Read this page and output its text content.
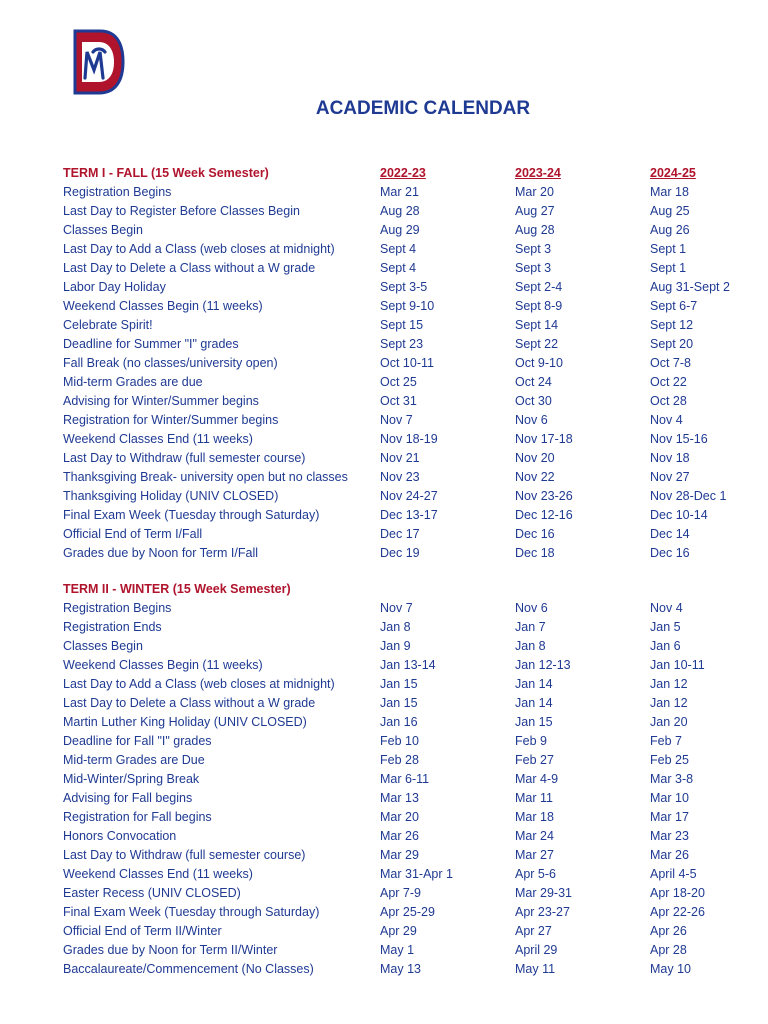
ACADEMIC CALENDAR
TERM I - FALL (15 Week Semester)	2022-23	2023-24	2024-25
Registration Begins	Mar 21	Mar 20	Mar 18
Last Day to Register Before Classes Begin	Aug 28	Aug 27	Aug 25
Classes Begin	Aug 29	Aug 28	Aug 26
Last Day to Add a Class (web closes at midnight)	Sept 4	Sept 3	Sept 1
Last Day to Delete a Class without a W grade	Sept 4	Sept 3	Sept 1
Labor Day Holiday	Sept 3-5	Sept 2-4	Aug 31-Sept 2
Weekend Classes Begin (11 weeks)	Sept 9-10	Sept 8-9	Sept 6-7
Celebrate Spirit!	Sept 15	Sept 14	Sept 12
Deadline for Summer "I" grades	Sept 23	Sept 22	Sept 20
Fall Break (no classes/university open)	Oct 10-11	Oct 9-10	Oct 7-8
Mid-term Grades are due	Oct 25	Oct 24	Oct 22
Advising for Winter/Summer begins	Oct 31	Oct 30	Oct 28
Registration for Winter/Summer begins	Nov 7	Nov 6	Nov 4
Weekend Classes End (11 weeks)	Nov 18-19	Nov 17-18	Nov 15-16
Last Day to Withdraw (full semester course)	Nov 21	Nov 20	Nov 18
Thanksgiving Break- university open but no classes	Nov 23	Nov 22	Nov 27
Thanksgiving Holiday (UNIV CLOSED)	Nov 24-27	Nov 23-26	Nov 28-Dec 1
Final Exam Week (Tuesday through Saturday)	Dec 13-17	Dec 12-16	Dec 10-14
Official End of Term I/Fall	Dec 17	Dec 16	Dec 14
Grades due by Noon for Term I/Fall	Dec 19	Dec 18	Dec 16
TERM II - WINTER (15 Week Semester)
Registration Begins	Nov 7	Nov 6	Nov 4
Registration Ends	Jan 8	Jan 7	Jan 5
Classes Begin	Jan 9	Jan 8	Jan 6
Weekend Classes Begin (11 weeks)	Jan 13-14	Jan 12-13	Jan 10-11
Last Day to Add a Class (web closes at midnight)	Jan 15	Jan 14	Jan 12
Last Day to Delete a Class without a W grade	Jan 15	Jan 14	Jan 12
Martin Luther King Holiday (UNIV CLOSED)	Jan 16	Jan 15	Jan 20
Deadline for Fall "I" grades	Feb 10	Feb 9	Feb 7
Mid-term Grades are Due	Feb 28	Feb 27	Feb 25
Mid-Winter/Spring Break	Mar 6-11	Mar 4-9	Mar 3-8
Advising for Fall begins	Mar 13	Mar 11	Mar 10
Registration for Fall begins	Mar 20	Mar 18	Mar 17
Honors Convocation	Mar 26	Mar 24	Mar 23
Last Day to Withdraw (full semester course)	Mar 29	Mar 27	Mar 26
Weekend Classes End (11 weeks)	Mar 31-Apr 1	Apr 5-6	April 4-5
Easter Recess (UNIV CLOSED)	Apr 7-9	Mar 29-31	Apr 18-20
Final Exam Week (Tuesday through Saturday)	Apr 25-29	Apr 23-27	Apr 22-26
Official End of Term II/Winter	Apr 29	Apr 27	Apr 26
Grades due by Noon for Term II/Winter	May 1	April 29	Apr 28
Baccalaureate/Commencement (No Classes)	May 13	May 11	May 10
